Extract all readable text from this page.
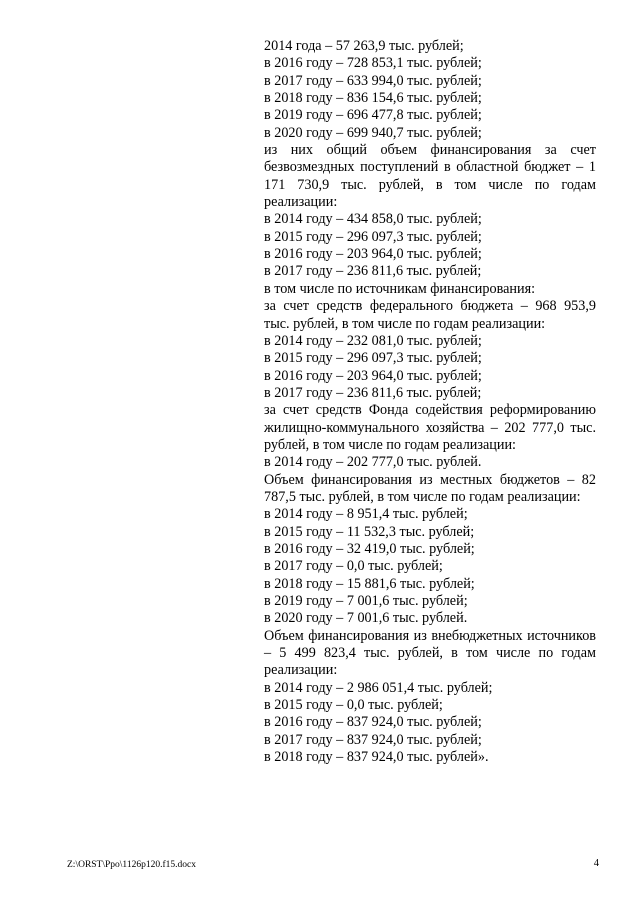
2014 года – 57 263,9 тыс. рублей;

в 2016 году – 728 853,1 тыс. рублей;

в 2017 году – 633 994,0 тыс. рублей;

в 2018 году – 836 154,6 тыс. рублей;

в 2019 году – 696 477,8 тыс. рублей;

в 2020 году – 699 940,7 тыс. рублей;

из них общий объем финансирования за счет безвозмездных поступлений в областной бюджет – 1 171 730,9 тыс. рублей, в том числе по годам реализации:

в 2014 году – 434 858,0 тыс. рублей;

в 2015 году – 296 097,3 тыс. рублей;

в 2016 году – 203 964,0 тыс. рублей;

в 2017 году – 236 811,6 тыс. рублей;

в том числе по источникам финансирования:

за счет средств федерального бюджета – 968 953,9 тыс. рублей, в том числе по годам реализации:

в 2014 году – 232 081,0 тыс. рублей;

в 2015 году – 296 097,3 тыс. рублей;

в 2016 году – 203 964,0 тыс. рублей;

в 2017 году – 236 811,6 тыс. рублей;

за счет средств Фонда содействия реформированию жилищно-коммунального хозяйства – 202 777,0 тыс. рублей, в том числе по годам реализации:

в 2014 году – 202 777,0 тыс. рублей.

Объем финансирования из местных бюджетов – 82 787,5 тыс. рублей, в том числе по годам реализации:

в 2014 году – 8 951,4 тыс. рублей;

в 2015 году – 11 532,3 тыс. рублей;

в 2016 году – 32 419,0 тыс. рублей;

в 2017 году – 0,0 тыс. рублей;

в 2018 году – 15 881,6 тыс. рублей;

в 2019 году – 7 001,6 тыс. рублей;

в 2020 году – 7 001,6 тыс. рублей.

Объем финансирования из внебюджетных источников – 5 499 823,4 тыс. рублей, в том числе по годам реализации:

в 2014 году – 2 986 051,4 тыс. рублей;

в 2015 году – 0,0 тыс. рублей;

в 2016 году – 837 924,0 тыс. рублей;

в 2017 году – 837 924,0 тыс. рублей;

в 2018 году – 837 924,0 тыс. рублей».

Z:\ORST\Ppo\1126p120.f15.docx	4
